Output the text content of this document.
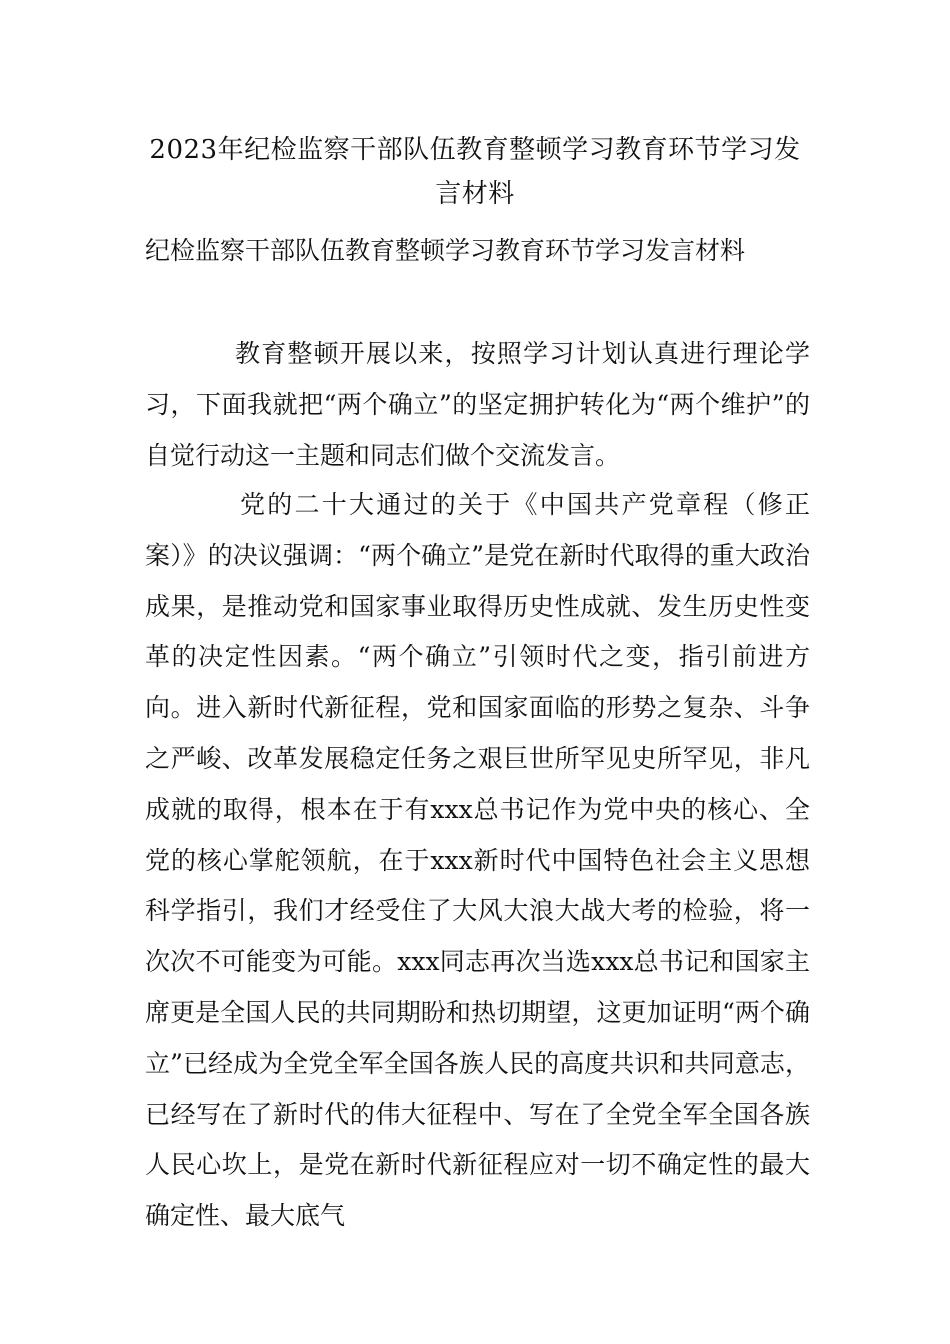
2023年纪检监察干部队伍教育整顿学习教育环节学习发言材料
纪检监察干部队伍教育整顿学习教育环节学习发言材料

教育整顿开展以来，按照学习计划认真进行理论学习，下面我就把“两个确立”的坚定拥护转化为“两个维护”的自觉行动这一主题和同志们做个交流发言。

党的二十大通过的关于《中国共产党章程（修正案）》的决议强调：“两个确立”是党在新时代取得的重大政治成果，是推动党和国家事业取得历史性成就、发生历史性变革的决定性因素。“两个确立”引领时代之变，指引前进方向。进入新时代新征程，党和国家面临的形势之复杂、斗争之严峻、改革发展稳定任务之艰巨世所罕见史所罕见，非凡成就的取得，根本在于有xxx总书记作为党中央的核心、全党的核心掌舵领航，在于xxx新时代中国特色社会主义思想科学指引，我们才经受住了大风大浪大战大考的检验，将一次次不可能变为可能。xxx同志再次当选xxx总书记和国家主席更是全国人民的共同期盼和热切期望，这更加证明“两个确立”已经成为全党全军全国各族人民的高度共识和共同意志，已经写在了新时代的伟大征程中、写在了全党全军全国各族人民心坎上，是党在新时代新征程应对一切不确定性的最大确定性、最大底气
